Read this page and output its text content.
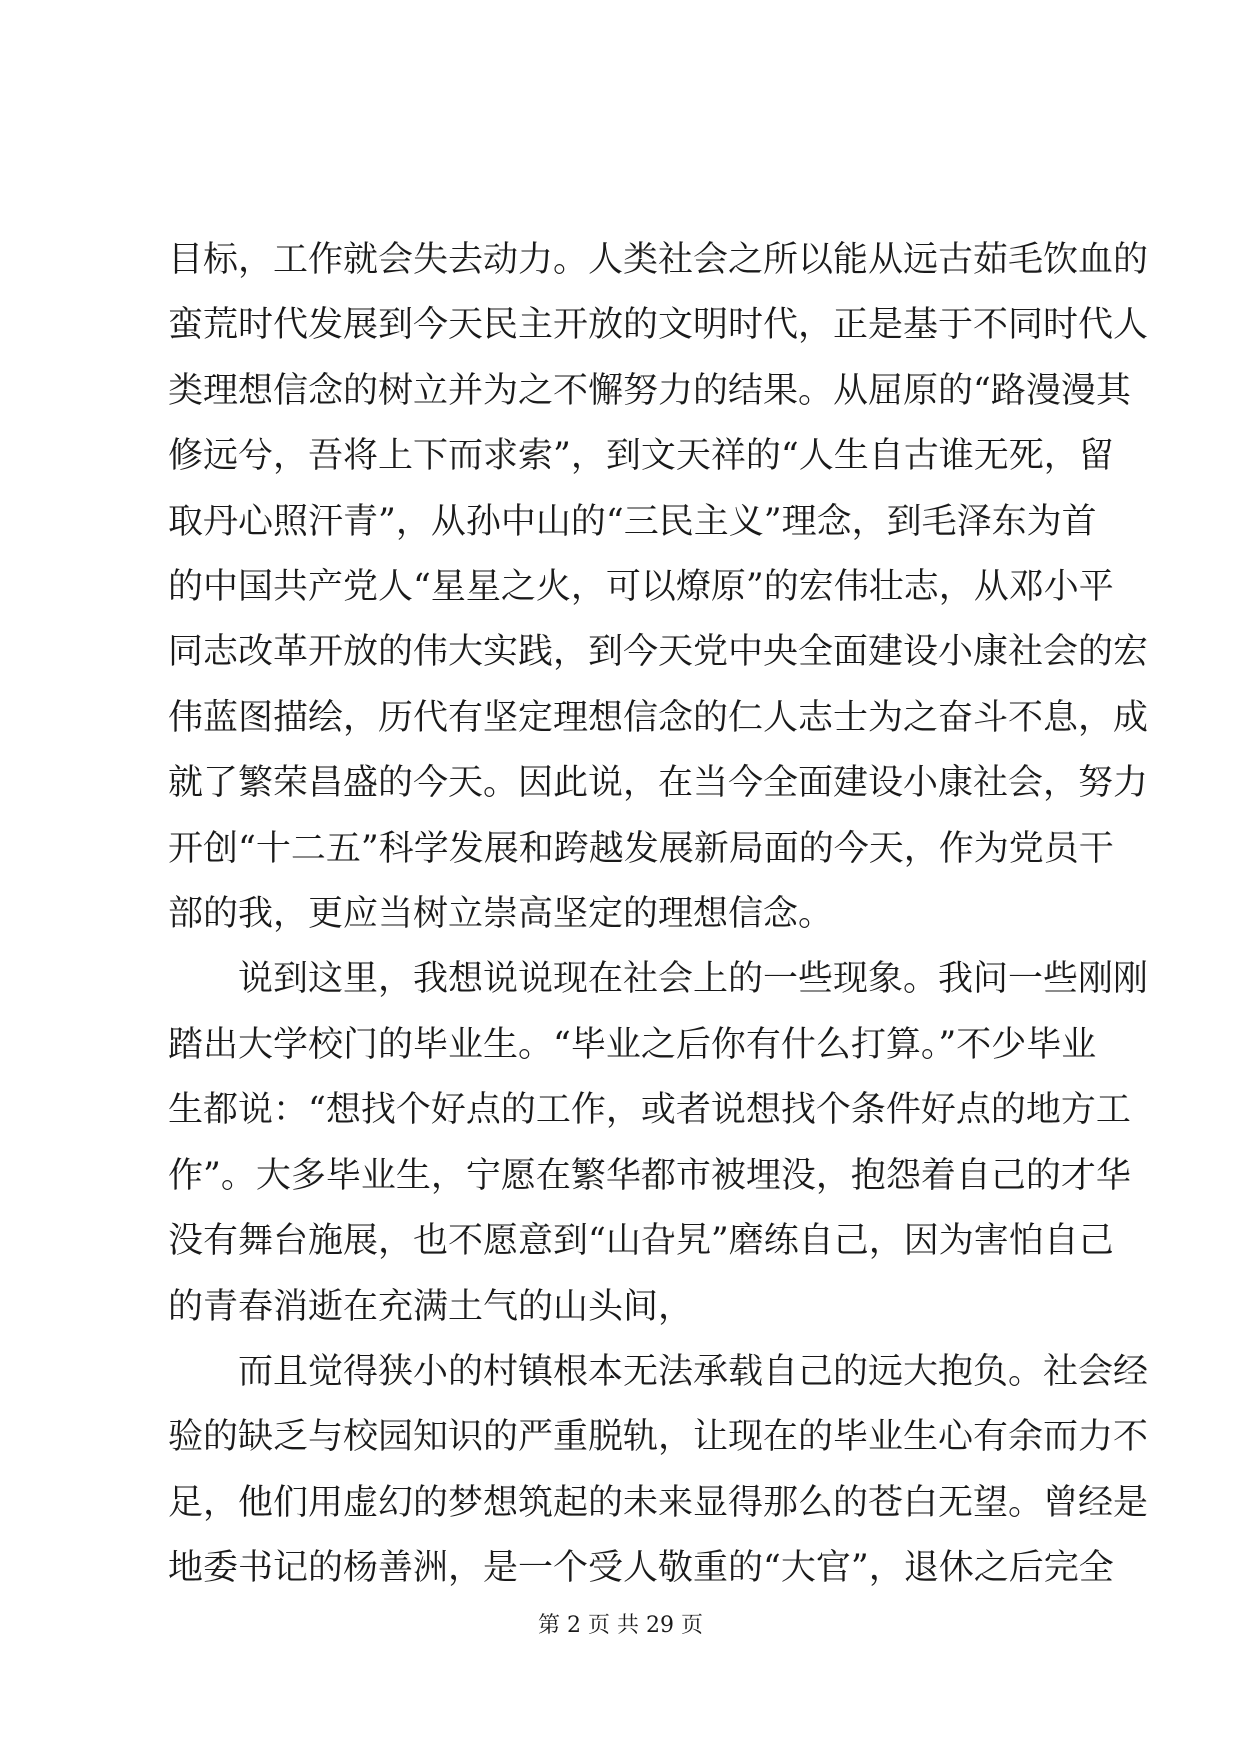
目标，工作就会失去动力。人类社会之所以能从远古茹毛饮血的
蛮荒时代发展到今天民主开放的文明时代，正是基于不同时代人
类理想信念的树立并为之不懈努力的结果。从屈原的“路漫漫其
修远兮，吾将上下而求索”，到文天祥的“人生自古谁无死，留
取丹心照汗青”，从孙中山的“三民主义”理念，到毛泽东为首
的中国共产党人“星星之火，可以燎原”的宏伟壮志，从邓小平
同志改革开放的伟大实践，到今天党中央全面建设小康社会的宏
伟蓝图描绘，历代有坚定理想信念的仁人志士为之奋斗不息，成
就了繁荣昌盛的今天。因此说，在当今全面建设小康社会，努力
开创“十二五”科学发展和跨越发展新局面的今天，作为党员干
部的我，更应当树立崇高坚定的理想信念。
说到这里，我想说说现在社会上的一些现象。我问一些刚刚
踏出大学校门的毕业生。“毕业之后你有什么打算。”不少毕业
生都说：“想找个好点的工作，或者说想找个条件好点的地方工
作”。大多毕业生，宁愿在繁华都市被埋没，抱怨着自己的才华
没有舞台施展，也不愿意到“山旮旯”磨练自己，因为害怕自己
的青春消逝在充满土气的山头间，
而且觉得狭小的村镇根本无法承载自己的远大抱负。社会经
验的缺乏与校园知识的严重脱轨，让现在的毕业生心有余而力不
足，他们用虚幻的梦想筑起的未来显得那么的苍白无望。曾经是
地委书记的杨善洲，是一个受人敬重的“大官”，退休之后完全
第 2 页 共 29 页
